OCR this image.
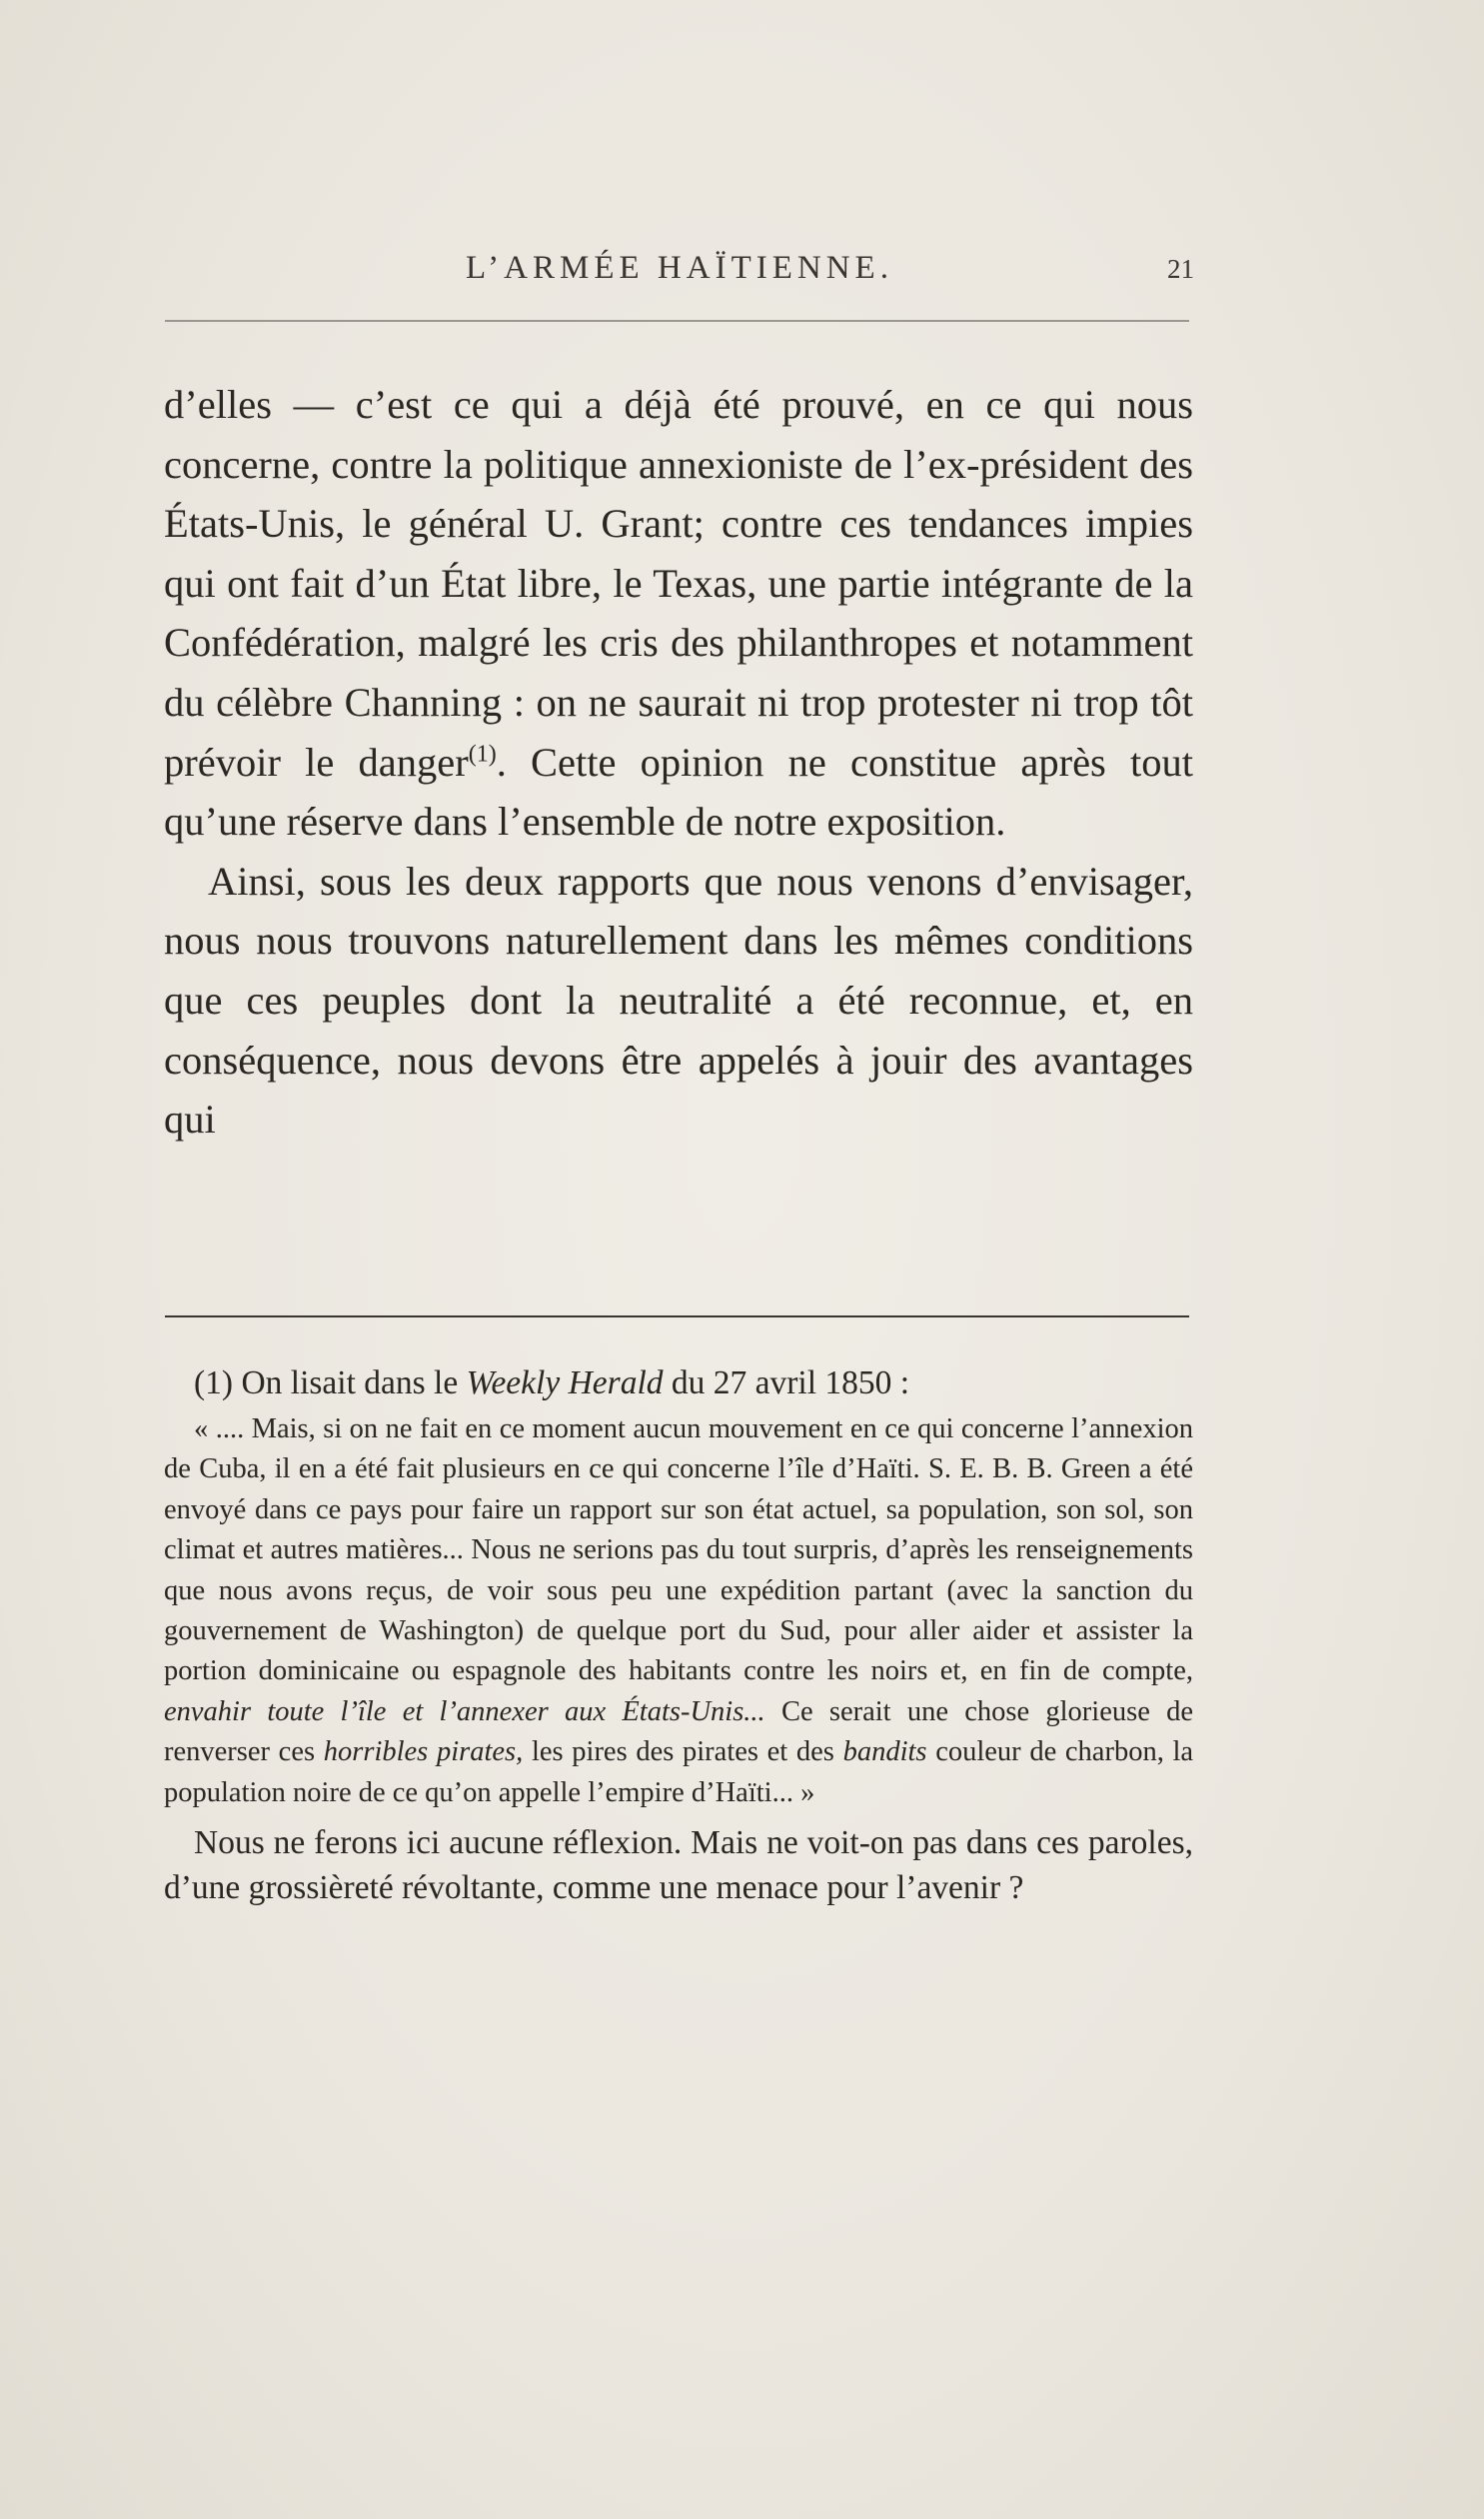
L’ARMÉE HAÏTIENNE.	21

d’elles — c’est ce qui a déjà été prouvé, en ce qui nous concerne, contre la politique annexioniste de l’ex-président des États-Unis, le général U. Grant; contre ces tendances impies qui ont fait d’un État libre, le Texas, une partie intégrante de la Confédération, malgré les cris des philanthropes et notamment du célèbre Channing : on ne saurait ni trop protester ni trop tôt prévoir le danger$^{(1)}$. Cette opinion ne constitue après tout qu’une réserve dans l’ensemble de notre exposition.

Ainsi, sous les deux rapports que nous venons d’envisager, nous nous trouvons naturellement dans les mêmes conditions que ces peuples dont la neutralité a été reconnue, et, en conséquence, nous devons être appelés à jouir des avantages qui

(1) On lisait dans le Weekly Herald du 27 avril 1850 :

« .... Mais, si on ne fait en ce moment aucun mouvement en ce qui concerne l’annexion de Cuba, il en a été fait plusieurs en ce qui concerne l’île d’Haïti. S. E. B. B. Green a été envoyé dans ce pays pour faire un rapport sur son état actuel, sa population, son sol, son climat et autres matières... Nous ne serions pas du tout surpris, d’après les renseignements que nous avons reçus, de voir sous peu une expédition partant (avec la sanction du gouvernement de Washington) de quelque port du Sud, pour aller aider et assister la portion dominicaine ou espagnole des habitants contre les noirs et, en fin de compte, envahir toute l’île et l’annexer aux États-Unis... Ce serait une chose glorieuse de renverser ces horribles pirates, les pires des pirates et des bandits couleur de charbon, la population noire de ce qu’on appelle l’empire d’Haïti... »

Nous ne ferons ici aucune réflexion. Mais ne voit-on pas dans ces paroles, d’une grossièreté révoltante, comme une menace pour l’avenir ?
